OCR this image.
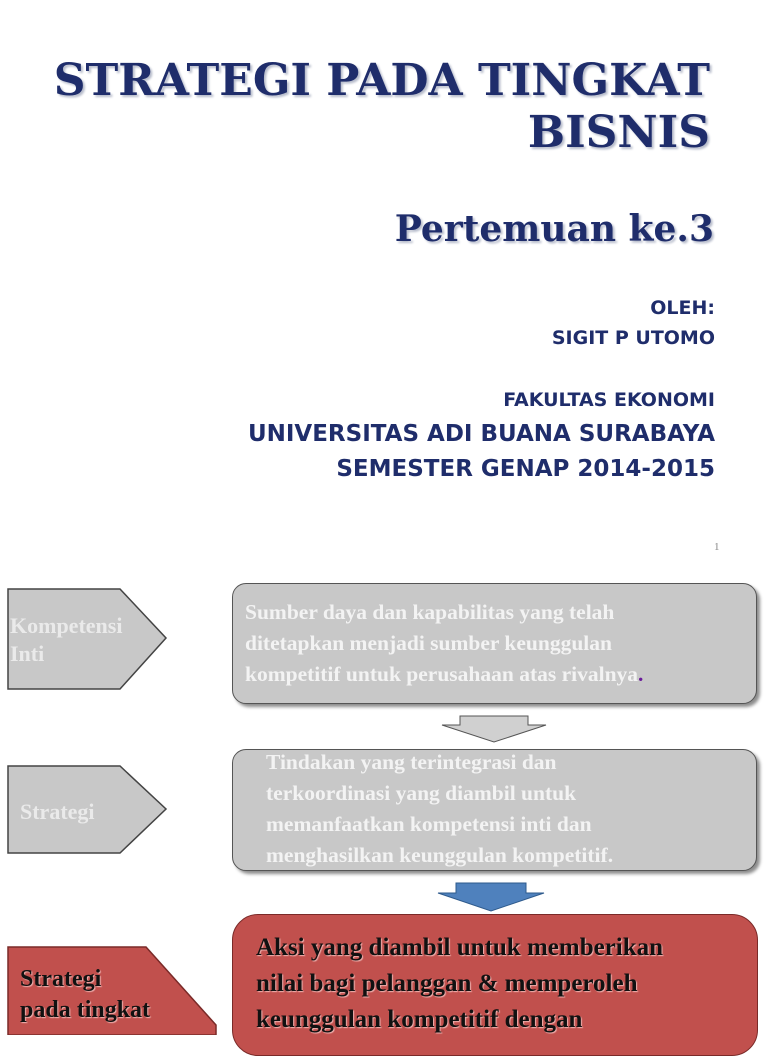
STRATEGI PADA TINGKAT
BISNIS
Pertemuan ke.3
OLEH:
SIGIT P UTOMO
FAKULTAS EKONOMI
UNIVERSITAS ADI BUANA SURABAYA
SEMESTER GENAP 2014-2015
1
Kompetensi
Inti
Sumber daya dan kapabilitas yang telah
ditetapkan menjadi sumber keunggulan
kompetitif untuk perusahaan atas rivalnya.
Strategi
Tindakan yang terintegrasi dan
terkoordinasi yang diambil untuk
memanfaatkan kompetensi inti dan
menghasilkan keunggulan kompetitif.
Strategi
pada tingkat
Aksi yang diambil untuk memberikan
nilai bagi pelanggan & memperoleh
keunggulan kompetitif dengan
